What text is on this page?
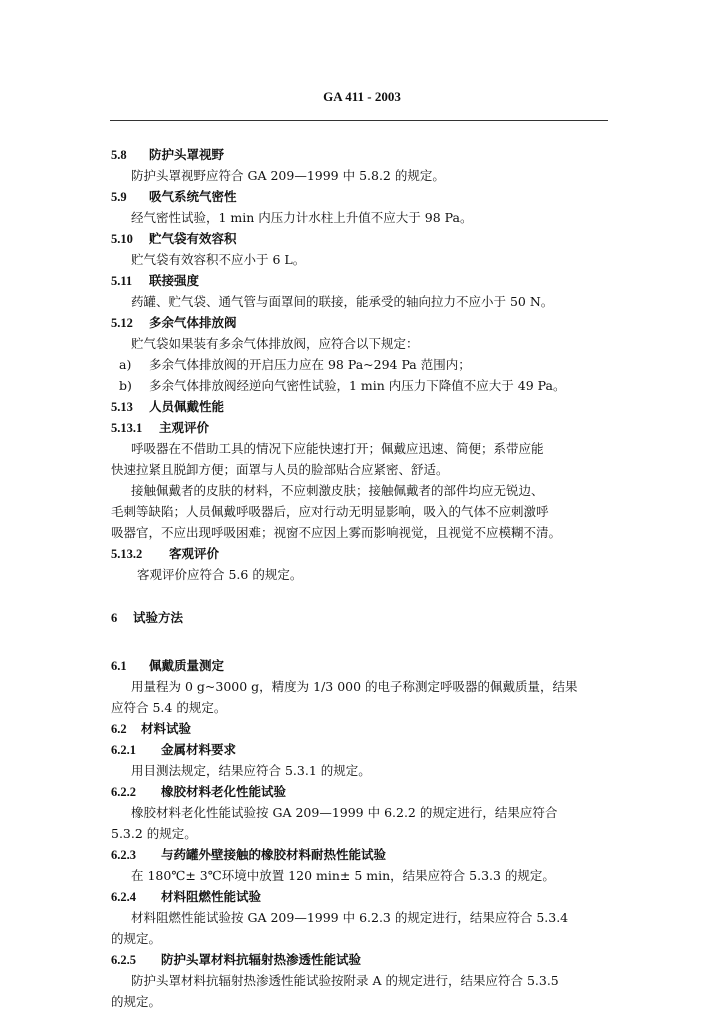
GA 411 - 2003
5.8 防护头罩视野
防护头罩视野应符合 GA 209—1999 中 5.8.2 的规定。
5.9 吸气系统气密性
经气密性试验，1 min 内压力计水柱上升值不应大于 98 Pa。
5.10 贮气袋有效容积
贮气袋有效容积不应小于 6 L。
5.11 联接强度
药罐、贮气袋、通气管与面罩间的联接，能承受的轴向拉力不应小于 50 N。
5.12 多余气体排放阀
贮气袋如果装有多余气体排放阀，应符合以下规定：
a) 多余气体排放阀的开启压力应在 98 Pa~294 Pa 范围内；
b) 多余气体排放阀经逆向气密性试验，1 min 内压力下降值不应大于 49 Pa。
5.13 人员佩戴性能
5.13.1 主观评价
呼吸器在不借助工具的情况下应能快速打开；佩戴应迅速、简便；系带应能
快速拉紧且脱卸方便；面罩与人员的脸部贴合应紧密、舒适。
接触佩戴者的皮肤的材料，不应刺激皮肤；接触佩戴者的部件均应无锐边、
毛刺等缺陷；人员佩戴呼吸器后，应对行动无明显影响，吸入的气体不应刺激呼
吸器官，不应出现呼吸困难；视窗不应因上雾而影响视觉，且视觉不应模糊不清。
5.13.2 客观评价
客观评价应符合 5.6 的规定。
6 试验方法
6.1 佩戴质量测定
用量程为 0 g~3000 g，精度为 1/3 000 的电子称测定呼吸器的佩戴质量，结果
应符合 5.4 的规定。
6.2 材料试验
6.2.1 金属材料要求
用目测法规定，结果应符合 5.3.1 的规定。
6.2.2 橡胶材料老化性能试验
橡胶材料老化性能试验按 GA 209—1999 中 6.2.2 的规定进行，结果应符合
5.3.2 的规定。
6.2.3 与药罐外壁接触的橡胶材料耐热性能试验
在 180℃± 3℃环境中放置 120 min± 5 min，结果应符合 5.3.3 的规定。
6.2.4 材料阻燃性能试验
材料阻燃性能试验按 GA 209—1999 中 6.2.3 的规定进行，结果应符合 5.3.4
的规定。
6.2.5 防护头罩材料抗辐射热渗透性能试验
防护头罩材料抗辐射热渗透性能试验按附录 A 的规定进行，结果应符合 5.3.5
的规定。
